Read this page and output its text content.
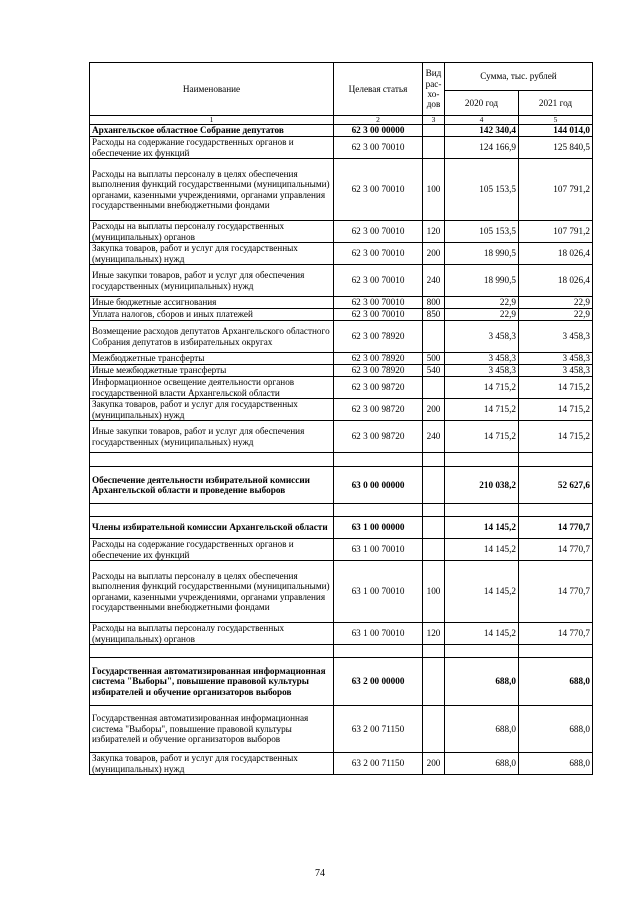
Наименование	Целевая статья	Вид рас- хо- дов	Сумма, тыс. рублей	
			2020 год	2021 год
1	2	3	4	5
Архангельское областное Собрание депутатов	62 3 00 00000		142 340,4	144 014,0
Расходы на содержание государственных органов и обеспечение их функций	62 3 00 70010		124 166,9	125 840,5
Расходы на выплаты персоналу в целях обеспечения выполнения функций государственными (муниципальными) органами, казенными учреждениями, органами управления государственными внебюджетными фондами	62 3 00 70010	100	105 153,5	107 791,2
Расходы на выплаты персоналу государственных (муниципальных) органов	62 3 00 70010	120	105 153,5	107 791,2
Закупка товаров, работ и услуг для государственных (муниципальных) нужд	62 3 00 70010	200	18 990,5	18 026,4
Иные закупки товаров, работ и услуг для обеспечения государственных (муниципальных) нужд	62 3 00 70010	240	18 990,5	18 026,4
Иные бюджетные ассигнования	62 3 00 70010	800	22,9	22,9
Уплата налогов, сборов и иных платежей	62 3 00 70010	850	22,9	22,9
Возмещение расходов депутатов Архангельского областного Собрания депутатов в избирательных округах	62 3 00 78920		3 458,3	3 458,3
Межбюджетные трансферты	62 3 00 78920	500	3 458,3	3 458,3
Иные межбюджетные трансферты	62 3 00 78920	540	3 458,3	3 458,3
Информационное освещение деятельности органов государственной власти Архангельской области	62 3 00 98720		14 715,2	14 715,2
Закупка товаров, работ и услуг для государственных (муниципальных) нужд	62 3 00 98720	200	14 715,2	14 715,2
Иные закупки товаров, работ и услуг для обеспечения государственных (муниципальных) нужд	62 3 00 98720	240	14 715,2	14 715,2

Обеспечение деятельности избирательной комиссии Архангельской области и проведение выборов	63 0 00 00000		210 038,2	52 627,6

Члены избирательной комиссии Архангельской области	63 1 00 00000		14 145,2	14 770,7
Расходы на содержание государственных органов и обеспечение их функций	63 1 00 70010		14 145,2	14 770,7
Расходы на выплаты персоналу в целях обеспечения выполнения функций государственными (муниципальными) органами, казенными учреждениями, органами управления государственными внебюджетными фондами	63 1 00 70010	100	14 145,2	14 770,7
Расходы на выплаты персоналу государственных (муниципальных) органов	63 1 00 70010	120	14 145,2	14 770,7

Государственная автоматизированная информационная система "Выборы", повышение правовой культуры избирателей и обучение организаторов выборов	63 2 00 00000		688,0	688,0
Государственная автоматизированная информационная система "Выборы", повышение правовой культуры избирателей и обучение организаторов выборов	63 2 00 71150		688,0	688,0
Закупка товаров, работ и услуг для государственных (муниципальных) нужд	63 2 00 71150	200	688,0	688,0
74
